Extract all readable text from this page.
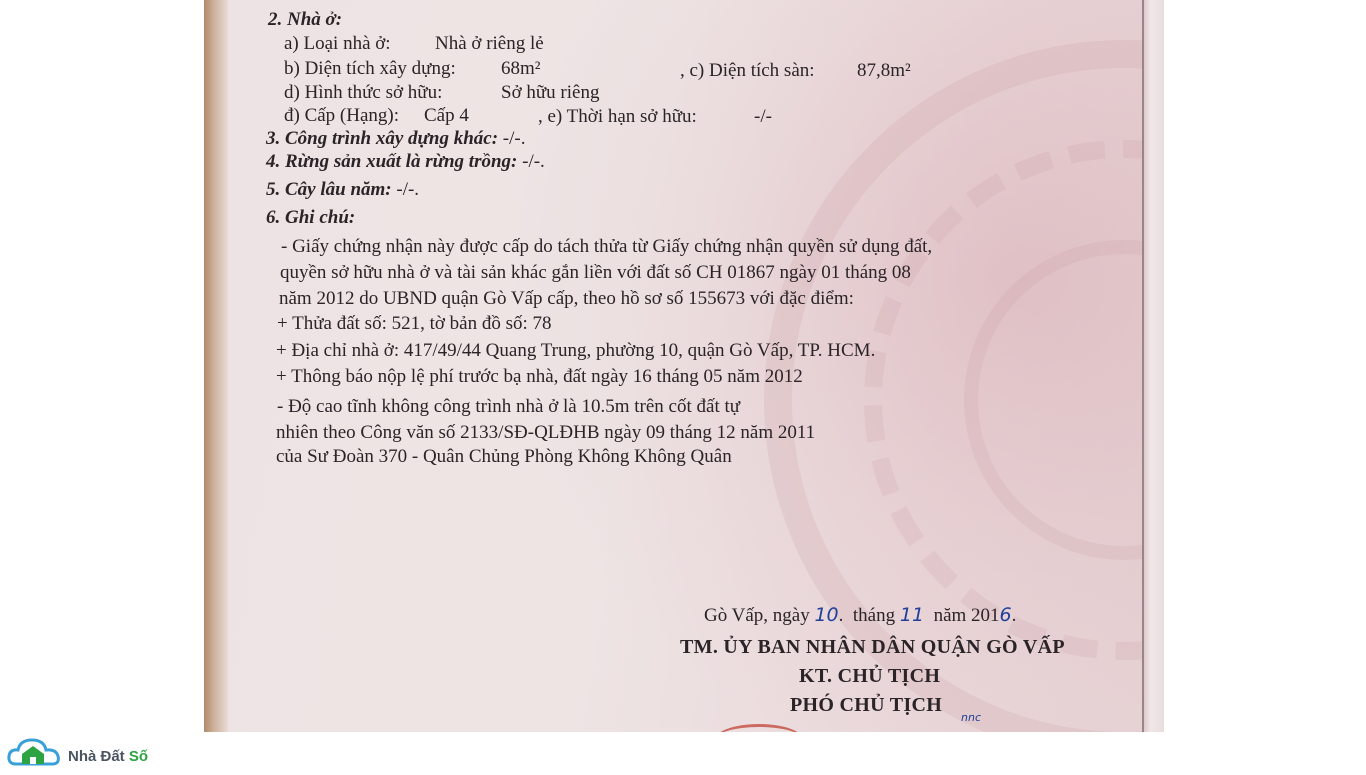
2. Nhà ở:
a) Loại nhà ở: Nhà ở riêng lẻ
b) Diện tích xây dựng: 68m²	, c) Diện tích sàn: 87,8m²
d) Hình thức sở hữu:	Sở hữu riêng
đ) Cấp (Hạng): Cấp 4	, e) Thời hạn sở hữu:	-/-
3. Công trình xây dựng khác: -/-.
4. Rừng sản xuất là rừng trồng: -/-.
5. Cây lâu năm: -/-.
6. Ghi chú:
- Giấy chứng nhận này được cấp do tách thửa từ Giấy chứng nhận quyền sử dụng đất,
quyền sở hữu nhà ở và tài sản khác gắn liền với đất số CH 01867 ngày 01 tháng 08
năm 2012 do UBND quận Gò Vấp cấp, theo hồ sơ số 155673 với đặc điểm:
+ Thửa đất số: 521, tờ bản đồ số: 78
+ Địa chỉ nhà ở: 417/49/44 Quang Trung, phường 10, quận Gò Vấp, TP. HCM.
+ Thông báo nộp lệ phí trước bạ nhà, đất ngày 16 tháng 05 năm 2012
- Độ cao tĩnh không công trình nhà ở là 10.5m trên cốt đất tự
nhiên theo Công văn số 2133/SĐ-QLĐHB ngày 09 tháng 12 năm 2011
của Sư Đoàn 370 - Quân Chủng Phòng Không Không Quân
Gò Vấp, ngày 10. tháng 11 năm 2016.
TM. ỦY BAN NHÂN DÂN QUẬN GÒ VẤP
KT. CHỦ TỊCH
PHÓ CHỦ TỊCH
nnc
Nhà Đất Số
